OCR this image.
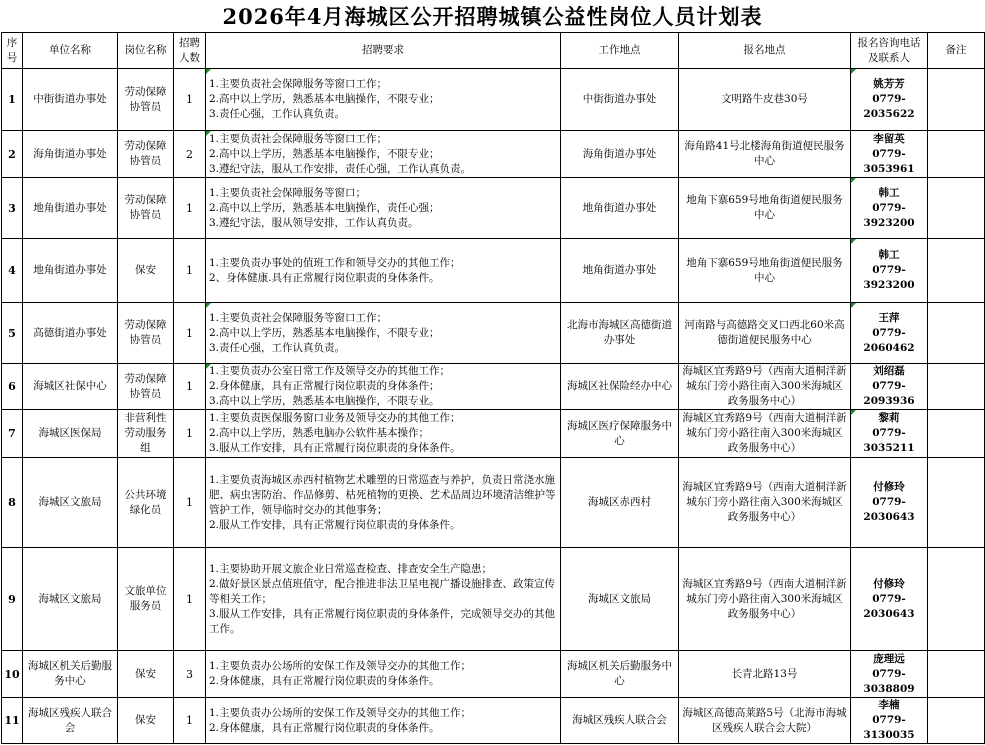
2026年4月海城区公开招聘城镇公益性岗位人员计划表
序号	单位名称	岗位名称	招聘人数	招聘要求	工作地点	报名地点	报名咨询电话及联系人	备注
1	中街街道办事处	劳动保障协管员	1	1.主要负责社会保障服务等窗口工作；
2.高中以上学历，熟悉基本电脑操作，不限专业；
3.责任心强，工作认真负责。	中街街道办事处	文明路牛皮巷30号	姚芳芳
0779-
2035622	

2	海角街道办事处	劳动保障协管员	2	1.主要负责社会保障服务等窗口工作；
2.高中以上学历，熟悉基本电脑操作，不限专业；
3.遵纪守法，服从工作安排，责任心强，工作认真负责。	海角街道办事处	海角路41号北楼海角街道便民服务中心	李留英
0779-
3053961	

3	地角街道办事处	劳动保障协管员	1	1.主要负责社会保障服务等窗口；
2.高中以上学历，熟悉基本电脑操作，责任心强；
3.遵纪守法，服从领导安排，工作认真负责。	地角街道办事处	地角下寨659号地角街道便民服务中心	韩工
0779-
3923200	

4	地角街道办事处	保安	1	1.主要负责办事处的值班工作和领导交办的其他工作；
2、身体健康.具有正常履行岗位职责的身体条件。	地角街道办事处	地角下寨659号地角街道便民服务中心	韩工
0779-
3923200	

5	高德街道办事处	劳动保障协管员	1	1.主要负责社会保障服务等窗口工作；
2.高中以上学历，熟悉基本电脑操作，不限专业；
3.责任心强，工作认真负责。	北海市海城区高德街道办事处	河南路与高德路交叉口西北60米高德街道便民服务中心	王萍
0779-
2060462	

6	海城区社保中心	劳动保障协管员	1	1.主要负责办公室日常工作及领导交办的其他工作；
2.身体健康，具有正常履行岗位职责的身体条件；
3.高中以上学历，熟悉基本电脑操作，不限专业。	海城区社保险经办中心	海城区宜秀路9号（西南大道桐洋新城东门旁小路往南入300米海城区政务服务中心）	刘绍磊
0779-
2093936	

7	海城区医保局	非营利性劳动服务组	1	1.主要负责医保服务窗口业务及领导交办的其他工作；
2.高中以上学历，熟悉电脑办公软件基本操作；
3.服从工作安排，具有正常履行岗位职责的身体条件。	海城区医疗保障服务中心	海城区宜秀路9号（西南大道桐洋新城东门旁小路往南入300米海城区政务服务中心）	黎莉
0779-
3035211	

8	海城区文旅局	公共环境绿化员	1	1.主要负责海城区赤西村植物艺术雕塑的日常巡查与养护，负责日常浇水施肥、病虫害防治、作品修剪、枯死植物的更换、艺术品周边环境清洁维护等管护工作，领导临时交办的其他事务；
2.服从工作安排，具有正常履行岗位职责的身体条件。	海城区赤西村	海城区宜秀路9号（西南大道桐洋新城东门旁小路往南入300米海城区政务服务中心）	付修玲
0779-
2030643	

9	海城区文旅局	文旅单位服务员	1	1.主要协助开展文旅企业日常巡查检查、排查安全生产隐患；
2.做好景区景点值班值守，配合推进非法卫星电视广播设施排查、政策宣传等相关工作；
3.服从工作安排，具有正常履行岗位职责的身体条件，完成领导交办的其他工作。	海城区文旅局	海城区宜秀路9号（西南大道桐洋新城东门旁小路往南入300米海城区政务服务中心）	付修玲
0779-
2030643	

10	海城区机关后勤服务中心	保安	3	1.主要负责办公场所的安保工作及领导交办的其他工作；
2.身体健康，具有正常履行岗位职责的身体条件。	海城区机关后勤服务中心	长青北路13号	庞理远
0779-
3038809	

11	海城区残疾人联合会	保安	1	1.主要负责办公场所的安保工作及领导交办的其他工作；
2.身体健康，具有正常履行岗位职责的身体条件。	海城区残疾人联合会	海城区高德高莱路5号（北海市海城区残疾人联合会大院）	李楠
0779-
3130035	
